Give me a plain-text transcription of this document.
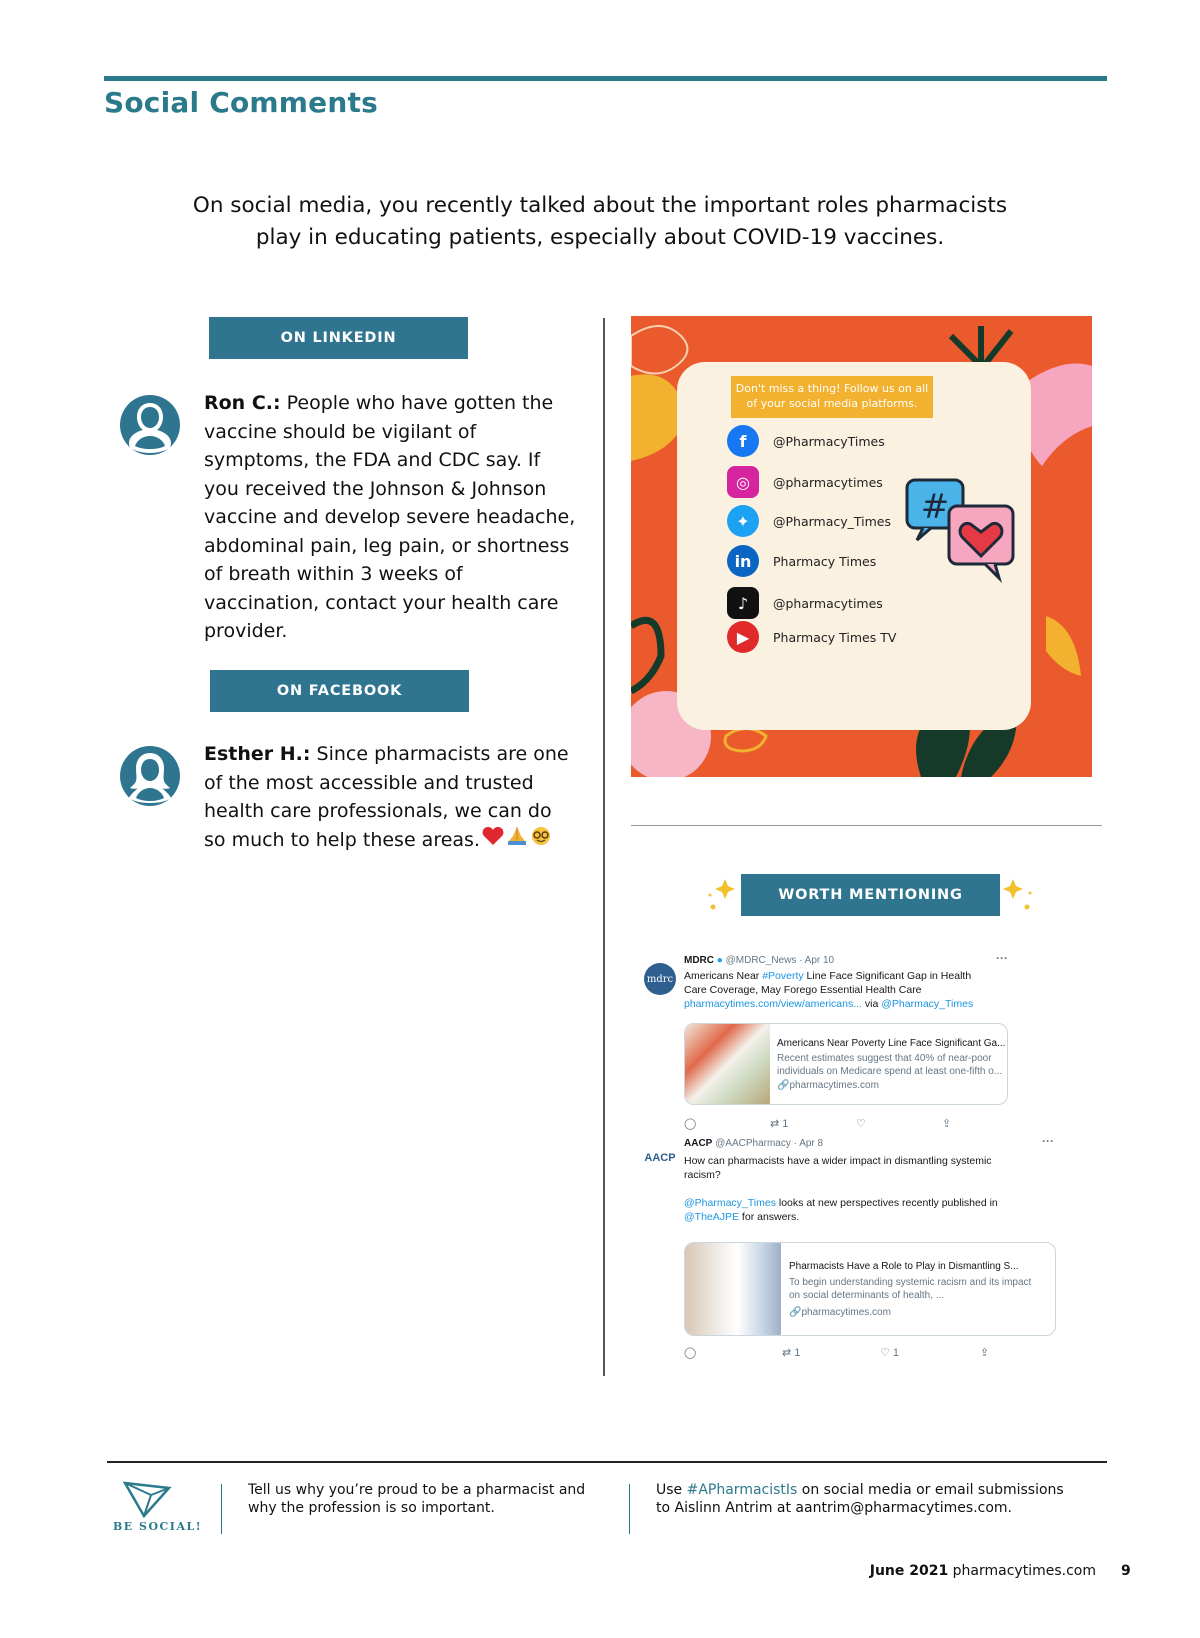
Social Comments

On social media, you recently talked about the important roles pharmacists play in educating patients, especially about COVID-19 vaccines.

ON LINKEDIN

Ron C.: People who have gotten the vaccine should be vigilant of symptoms, the FDA and CDC say. If you received the Johnson & Johnson vaccine and develop severe headache, abdominal pain, leg pain, or shortness of breath within 3 weeks of vaccination, contact your health care provider.

ON FACEBOOK

Esther H.: Since pharmacists are one of the most accessible and trusted health care professionals, we can do so much to help these areas.

Don't miss a thing! Follow us on all of your social media platforms.
f	@PharmacyTimes
◎	@pharmacytimes
✦	@Pharmacy_Times
in	Pharmacy Times
♪	@pharmacytimes
▶	Pharmacy Times TV
#
WORTH MENTIONING
mdrc
MDRC ● @MDRC_News · Apr 10	···
Americans Near #Poverty Line Face Significant Gap in Health Care Coverage, May Forego Essential Health Care
pharmacytimes.com/view/americans... via @Pharmacy_Times
Americans Near Poverty Line Face Significant Ga...
Recent estimates suggest that 40% of near-poor individuals on Medicare spend at least one-fifth o...
🔗pharmacytimes.com
◯	⇄ 1	♡	⇪
AACP
AACP @AACPharmacy · Apr 8	···
How can pharmacists have a wider impact in dismantling systemic racism?

@Pharmacy_Times looks at new perspectives recently published in
@TheAJPE for answers.
Pharmacists Have a Role to Play in Dismantling S...
To begin understanding systemic racism and its impact on social determinants of health, ...
🔗pharmacytimes.com
◯	⇄ 1	♡ 1	⇪
BE SOCIAL!

Tell us why you’re proud to be a pharmacist and why the profession is so important.

Use #APharmacistIs on social media or email submissions to Aislinn Antrim at aantrim@pharmacytimes.com.

June 2021 pharmacytimes.com 9
